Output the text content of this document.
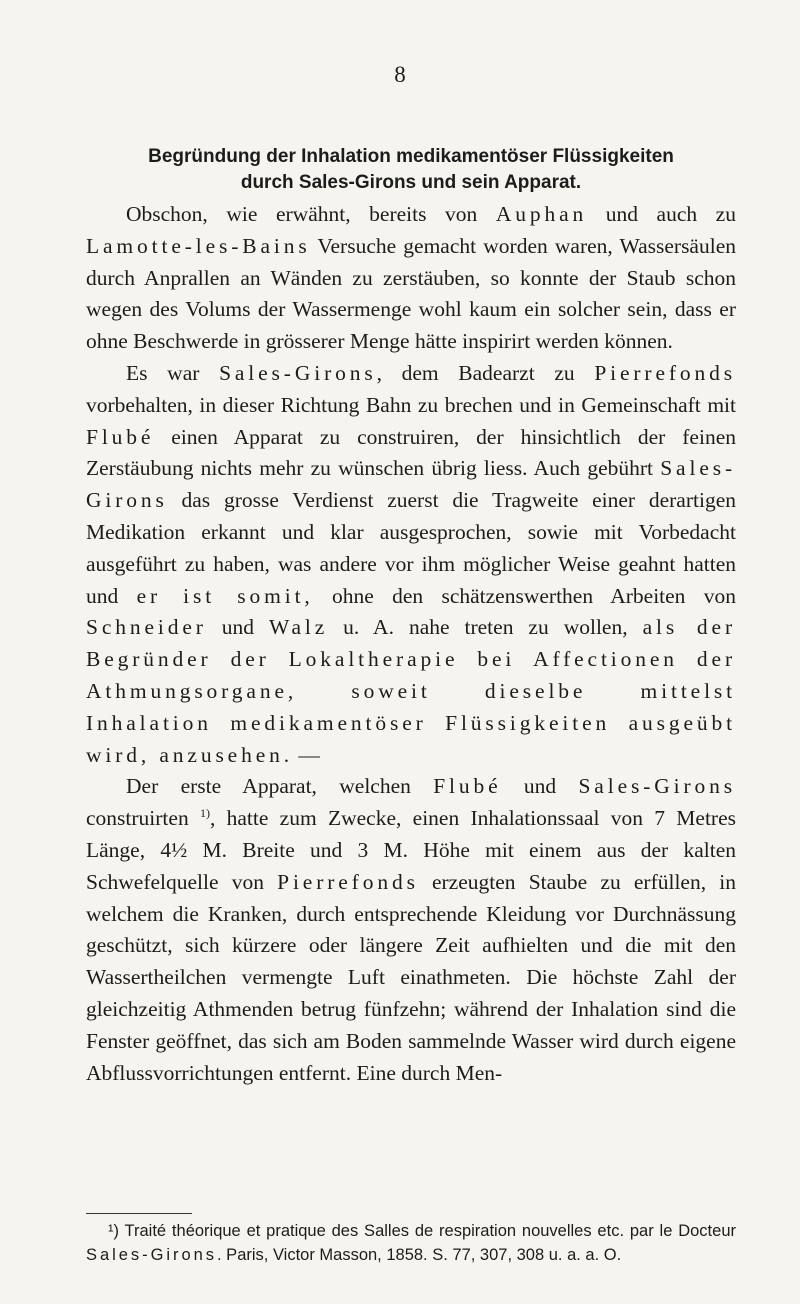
8
Begründung der Inhalation medikamentöser Flüssigkeiten
durch Sales-Girons und sein Apparat.

Obschon, wie erwähnt, bereits von Auphan und auch zu Lamotte-les-Bains Versuche gemacht worden waren, Wassersäulen durch Anprallen an Wänden zu zerstäuben, so konnte der Staub schon wegen des Volums der Wassermenge wohl kaum ein solcher sein, dass er ohne Beschwerde in grösserer Menge hätte inspirirt werden können.

Es war Sales-Girons, dem Badearzt zu Pierrefonds vorbehalten, in dieser Richtung Bahn zu brechen und in Gemeinschaft mit Flubé einen Apparat zu construiren, der hinsichtlich der feinen Zerstäubung nichts mehr zu wünschen übrig liess. Auch gebührt Sales-Girons das grosse Verdienst zuerst die Tragweite einer derartigen Medikation erkannt und klar ausgesprochen, sowie mit Vorbedacht ausgeführt zu haben, was andere vor ihm möglicher Weise geahnt hatten und er ist somit, ohne den schätzenswerthen Arbeiten von Schneider und Walz u. A. nahe treten zu wollen, als der Begründer der Lokaltherapie bei Affectionen der Athmungsorgane, soweit dieselbe mittelst Inhalation medikamentöser Flüssigkeiten ausgeübt wird, anzusehen. —

Der erste Apparat, welchen Flubé und Sales-Girons construirten $^{1)}$, hatte zum Zwecke, einen Inhalationssaal von 7 Metres Länge, 4½ M. Breite und 3 M. Höhe mit einem aus der kalten Schwefelquelle von Pierrefonds erzeugten Staube zu erfüllen, in welchem die Kranken, durch entsprechende Kleidung vor Durchnässung geschützt, sich kürzere oder längere Zeit aufhielten und die mit den Wassertheilchen vermengte Luft einathmeten. Die höchste Zahl der gleichzeitig Athmenden betrug fünfzehn; während der Inhalation sind die Fenster geöffnet, das sich am Boden sammelnde Wasser wird durch eigene Abflussvorrichtungen entfernt. Eine durch Men-

¹) Traité théorique et pratique des Salles de respiration nouvelles etc. par le Docteur Sales-Girons. Paris, Victor Masson, 1858. S. 77, 307, 308 u. a. a. O.
